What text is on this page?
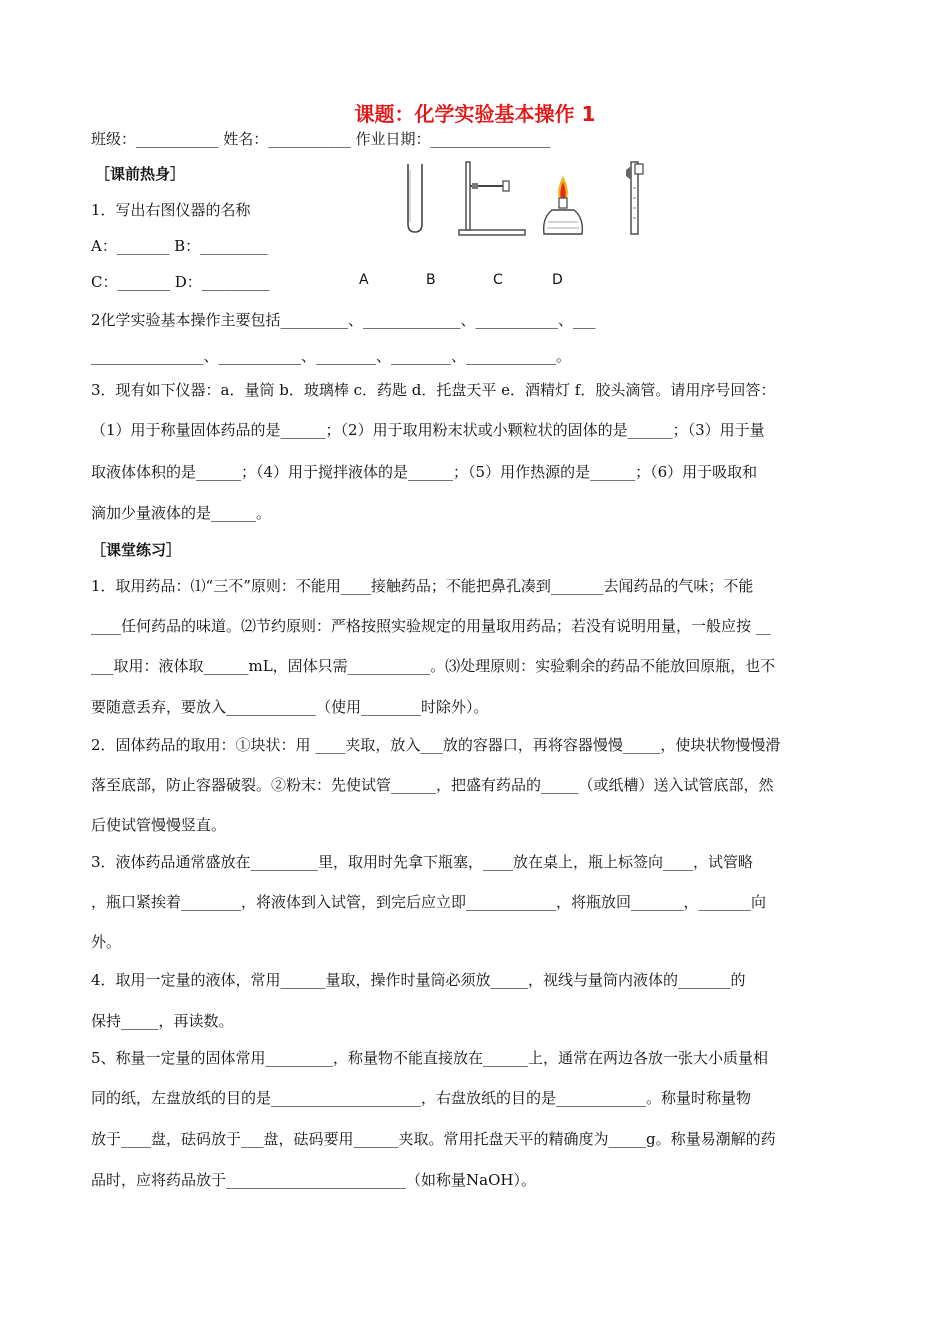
课题：化学实验基本操作 1
班级：___________ 姓名：___________ 作业日期：________________
［课前热身］
1．写出右图仪器的名称
A：_______ B：_________
C：_______ D：_________	A	B	C	D
2化学实验基本操作主要包括_________、_____________、___________、___
_______________、___________、________、________、____________。
3．现有如下仪器：a．量筒 b．玻璃棒 c．药匙 d．托盘天平 e．酒精灯 f．胶头滴管。请用序号回答：
（1）用于称量固体药品的是______；（2）用于取用粉末状或小颗粒状的固体的是______；（3）用于量
取液体体积的是______；（4）用于搅拌液体的是______；（5）用作热源的是______；（6）用于吸取和
滴加少量液体的是______。
［课堂练习］
1．取用药品：⑴“三不”原则：不能用____接触药品；不能把鼻孔凑到_______去闻药品的气味；不能
____任何药品的味道。⑵节约原则：严格按照实验规定的用量取用药品；若没有说明用量，一般应按 __
___取用：液体取______mL，固体只需___________。⑶处理原则：实验剩余的药品不能放回原瓶，也不
要随意丢弃，要放入____________（使用________时除外）。
2．固体药品的取用：①块状：用 ____夹取，放入___放的容器口，再将容器慢慢_____，使块状物慢慢滑
落至底部，防止容器破裂。②粉末：先使试管______，把盛有药品的_____（或纸槽）送入试管底部，然
后使试管慢慢竖直。
3．液体药品通常盛放在_________里，取用时先拿下瓶塞，____放在桌上，瓶上标签向____，试管略
，瓶口紧挨着________，将液体到入试管，到完后应立即____________，将瓶放回_______，_______向
外。
4．取用一定量的液体，常用______量取，操作时量筒必须放_____，视线与量筒内液体的_______的
保持_____，再读数。
5、称量一定量的固体常用_________，称量物不能直接放在______上，通常在两边各放一张大小质量相
同的纸，左盘放纸的目的是____________________，右盘放纸的目的是____________。称量时称量物
放于____盘，砝码放于___盘，砝码要用______夹取。常用托盘天平的精确度为_____g。称量易潮解的药
品时，应将药品放于________________________（如称量NaOH）。
